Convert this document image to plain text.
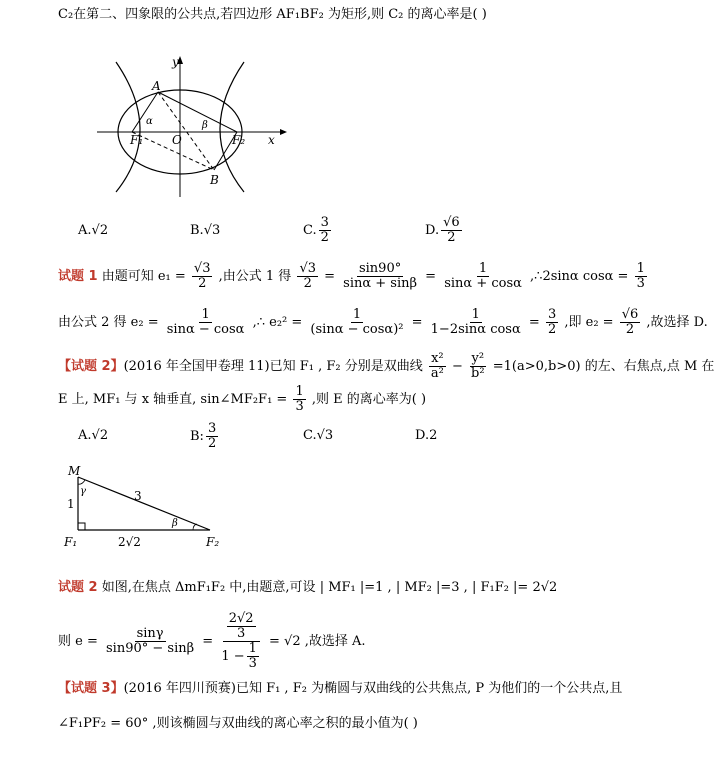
C₂在第二、四象限的公共点,若四边形 AF₁BF₂ 为矩形,则 C₂ 的离心率是( )
y
x
A
B
O
F₁	F₂
α	β
A.√2	B.√3	C. $\frac{3}{2}$	D. $\frac{√6}{2}$
试题 1 由题可知 $e_1 = \frac{√3}{2}$ ,由公式 1 得 $\frac{√3}{2} = \frac{\sin 90^\circ}{\sin\alpha + \sin\beta} = \frac{1}{\sin\alpha + \cos\alpha}$ ,∴2sinα $\cos\alpha = \frac{1}{3}$
由公式 2 得 $e_2 = \frac{1}{\sin\alpha - \cos\alpha}$ ,∴ $e_2^2 = \frac{1}{\text{(sinα − cosα)²}} = \frac{1}{\text{1−2sinα cosα}} = \frac{3}{2}$ ,即 $e_2 = \frac{√6}{2}$ ,故选择 D.
【试题 2】(2016 年全国甲卷理 11)已知 F₁ , F₂ 分别是双曲线 $\frac{\text{x²}}{\text{a²}} - \frac{\text{y²}}{\text{b²}} =1(a>0,b>0)$ 的左、右焦点,点 M 在
E 上, MF₁ 与 x 轴垂直, sin∠MF₂F₁ = $\frac{1}{3}$ ,则 E 的离心率为( )
A.√2	B: $\frac{3}{2}$	C.√3	D.2
M
F₁	F₂
1
3
2√2
γ
β
试题 2 如图,在焦点 ΔmF₁F₂ 中,由题意,可设 | MF₁ |=1 , | MF₂ |=3 , | F₁F₂ |= 2√2
则 $e = \frac{\sin\gamma}{\sin 90^\circ - \sin\beta} = \frac{\frac{2√2}{3}}{1 - \frac{1}{3}} = √2$ ,故选择 A.
【试题 3】(2016 年四川预赛)已知 F₁ , F₂ 为椭圆与双曲线的公共焦点, P 为他们的一个公共点,且
∠F₁PF₂ = 60° ,则该椭圆与双曲线的离心率之积的最小值为( )
